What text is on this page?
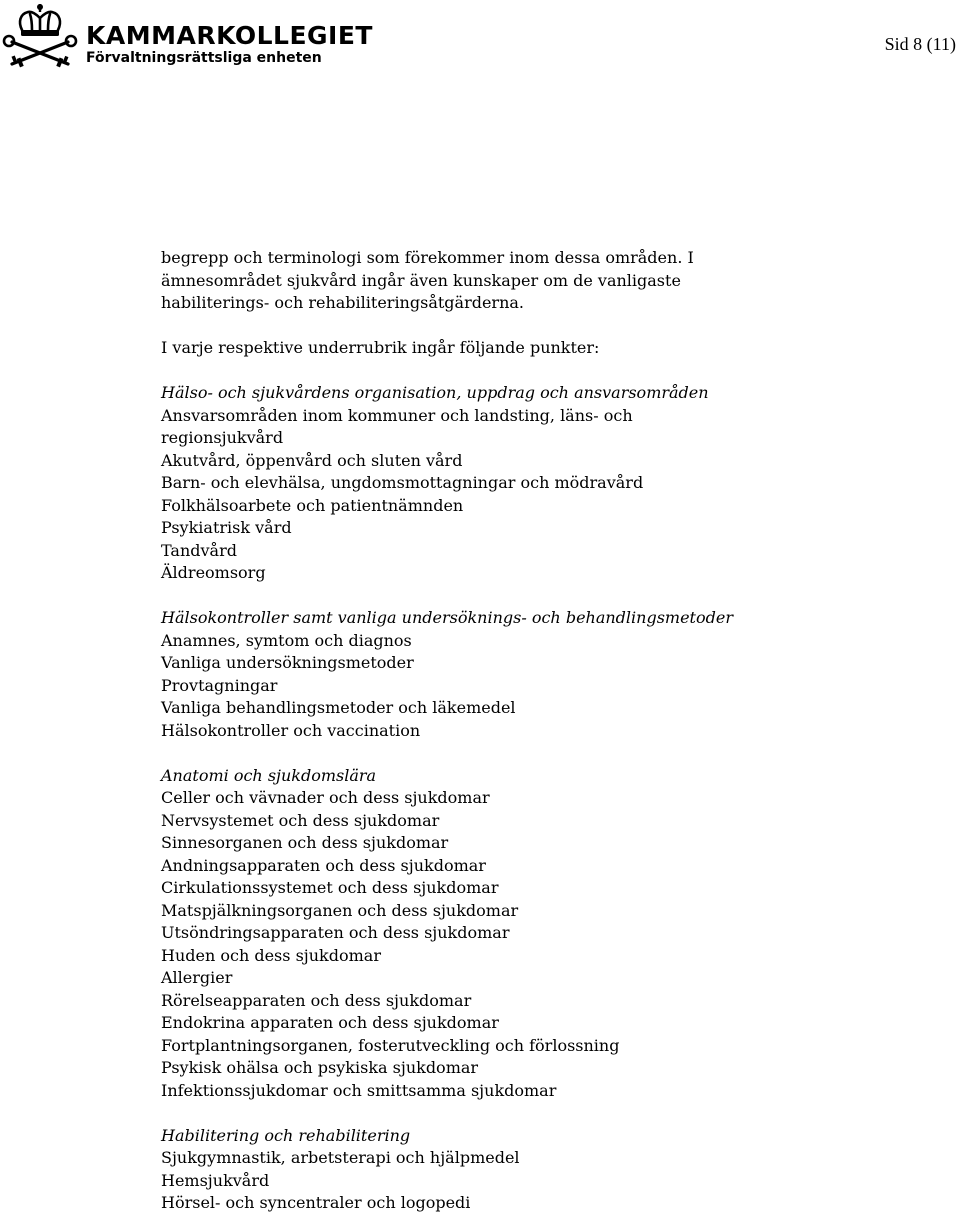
KAMMARKOLLEGIET
Förvaltningsrättsliga enheten
Sid 8 (11)

begrepp och terminologi som förekommer inom dessa områden. I

ämnesområdet sjukvård ingår även kunskaper om de vanligaste

habiliterings- och rehabiliteringsåtgärderna.

I varje respektive underrubrik ingår följande punkter:

Hälso- och sjukvårdens organisation, uppdrag och ansvarsområden

Ansvarsområden inom kommuner och landsting, läns- och

regionsjukvård

Akutvård, öppenvård och sluten vård

Barn- och elevhälsa, ungdomsmottagningar och mödravård

Folkhälsoarbete och patientnämnden

Psykiatrisk vård

Tandvård

Äldreomsorg

Hälsokontroller samt vanliga undersöknings- och behandlingsmetoder

Anamnes, symtom och diagnos

Vanliga undersökningsmetoder

Provtagningar

Vanliga behandlingsmetoder och läkemedel

Hälsokontroller och vaccination

Anatomi och sjukdomslära

Celler och vävnader och dess sjukdomar

Nervsystemet och dess sjukdomar

Sinnesorganen och dess sjukdomar

Andningsapparaten och dess sjukdomar

Cirkulationssystemet och dess sjukdomar

Matspjälkningsorganen och dess sjukdomar

Utsöndringsapparaten och dess sjukdomar

Huden och dess sjukdomar

Allergier

Rörelseapparaten och dess sjukdomar

Endokrina apparaten och dess sjukdomar

Fortplantningsorganen, fosterutveckling och förlossning

Psykisk ohälsa och psykiska sjukdomar

Infektionssjukdomar och smittsamma sjukdomar

Habilitering och rehabilitering

Sjukgymnastik, arbetsterapi och hjälpmedel

Hemsjukvård

Hörsel- och syncentraler och logopedi
